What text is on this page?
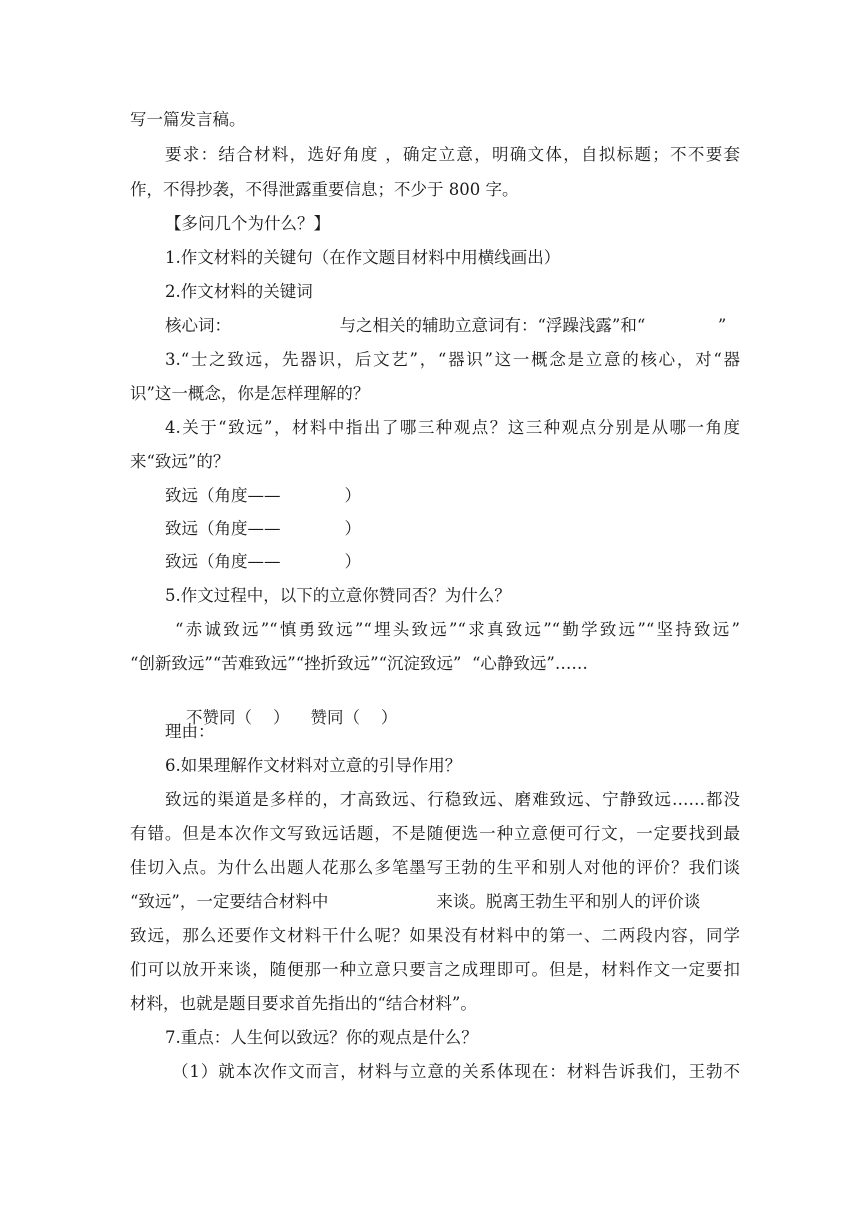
写一篇发言稿。
要求：结合材料，选好角度 ，确定立意，明确文体，自拟标题；不不要套
作，不得抄袭，不得泄露重要信息；不少于 800 字。
【多问几个为什么？】
1.作文材料的关键句（在作文题目材料中用横线画出）
2.作文材料的关键词
核心词：	与之相关的辅助立意词有：“浮躁浅露”和“	”
3.“士之致远，先器识，后文艺”，“器识”这一概念是立意的核心，对“器
识”这一概念，你是怎样理解的？
4.关于“致远”，材料中指出了哪三种观点？这三种观点分别是从哪一角度
来“致远”的？
致远（角度——	）
致远（角度——	）
致远（角度——	）
5.作文过程中，以下的立意你赞同否？为什么？
“赤诚致远”“慎勇致远”“埋头致远”“求真致远”“勤学致远”“坚持致远”
“创新致远”“苦难致远”“挫折致远”“沉淀致远”  “心静致远”……

不赞同（    ） 赞同（    ）

理由：
6.如果理解作文材料对立意的引导作用？
致远的渠道是多样的，才高致远、行稳致远、磨难致远、宁静致远……都没
有错。但是本次作文写致远话题，不是随便选一种立意便可行文，一定要找到最
佳切入点。为什么出题人花那么多笔墨写王勃的生平和别人对他的评价？我们谈
“致远”，一定要结合材料中	来谈。脱离王勃生平和别人的评价谈
致远，那么还要作文材料干什么呢？如果没有材料中的第一、二两段内容，同学
们可以放开来谈，随便那一种立意只要言之成理即可。但是，材料作文一定要扣
材料，也就是题目要求首先指出的“结合材料”。
7.重点：人生何以致远？你的观点是什么？
（1）就本次作文而言，材料与立意的关系体现在：材料告诉我们，王勃不
